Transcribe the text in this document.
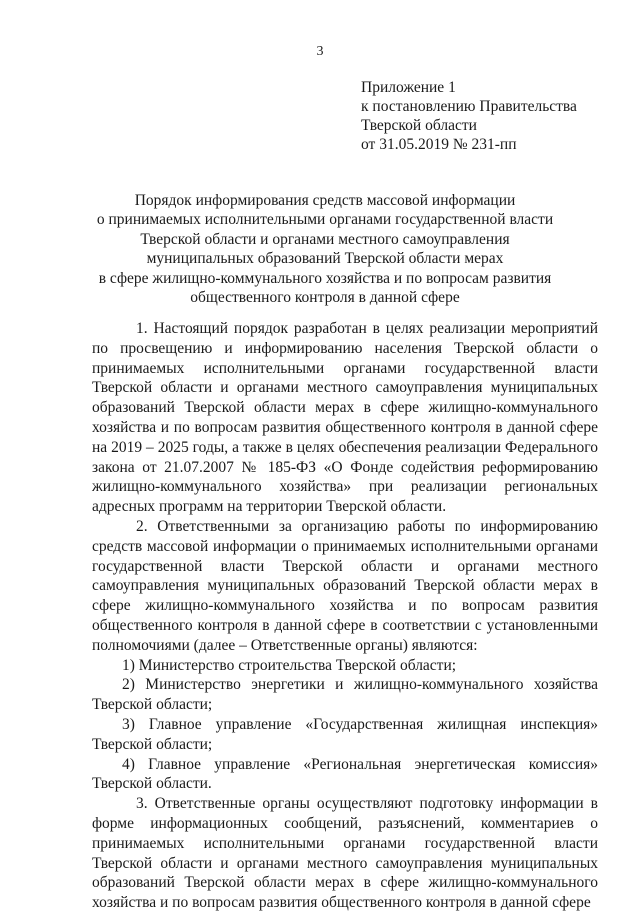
3
Приложение 1
к постановлению Правительства
Тверской области
от 31.05.2019 № 231-пп
Порядок информирования средств массовой информации
о принимаемых исполнительными органами государственной власти
Тверской области и органами местного самоуправления
муниципальных образований Тверской области мерах
в сфере жилищно-коммунального хозяйства и по вопросам развития
общественного контроля в данной сфере

1. Настоящий порядок разработан в целях реализации мероприятий по просвещению и информированию населения Тверской области о принимаемых исполнительными органами государственной власти Тверской области и органами местного самоуправления муниципальных образований Тверской области мерах в сфере жилищно-коммунального хозяйства и по вопросам развития общественного контроля в данной сфере на 2019 – 2025 годы, а также в целях обеспечения реализации Федерального закона от 21.07.2007 № 185-ФЗ «О Фонде содействия реформированию жилищно-коммунального хозяйства» при реализации региональных адресных программ на территории Тверской области.

2. Ответственными за организацию работы по информированию средств массовой информации о принимаемых исполнительными органами государственной власти Тверской области и органами местного самоуправления муниципальных образований Тверской области мерах в сфере жилищно-коммунального хозяйства и по вопросам развития общественного контроля в данной сфере в соответствии с установленными полномочиями (далее – Ответственные органы) являются:

1) Министерство строительства Тверской области;

2) Министерство энергетики и жилищно-коммунального хозяйства Тверской области;

3) Главное управление «Государственная жилищная инспекция» Тверской области;

4) Главное управление «Региональная энергетическая комиссия» Тверской области.

3. Ответственные органы осуществляют подготовку информации в форме информационных сообщений, разъяснений, комментариев о принимаемых исполнительными органами государственной власти Тверской области и органами местного самоуправления муниципальных образований Тверской области мерах в сфере жилищно-коммунального хозяйства и по вопросам развития общественного контроля в данной сфере
